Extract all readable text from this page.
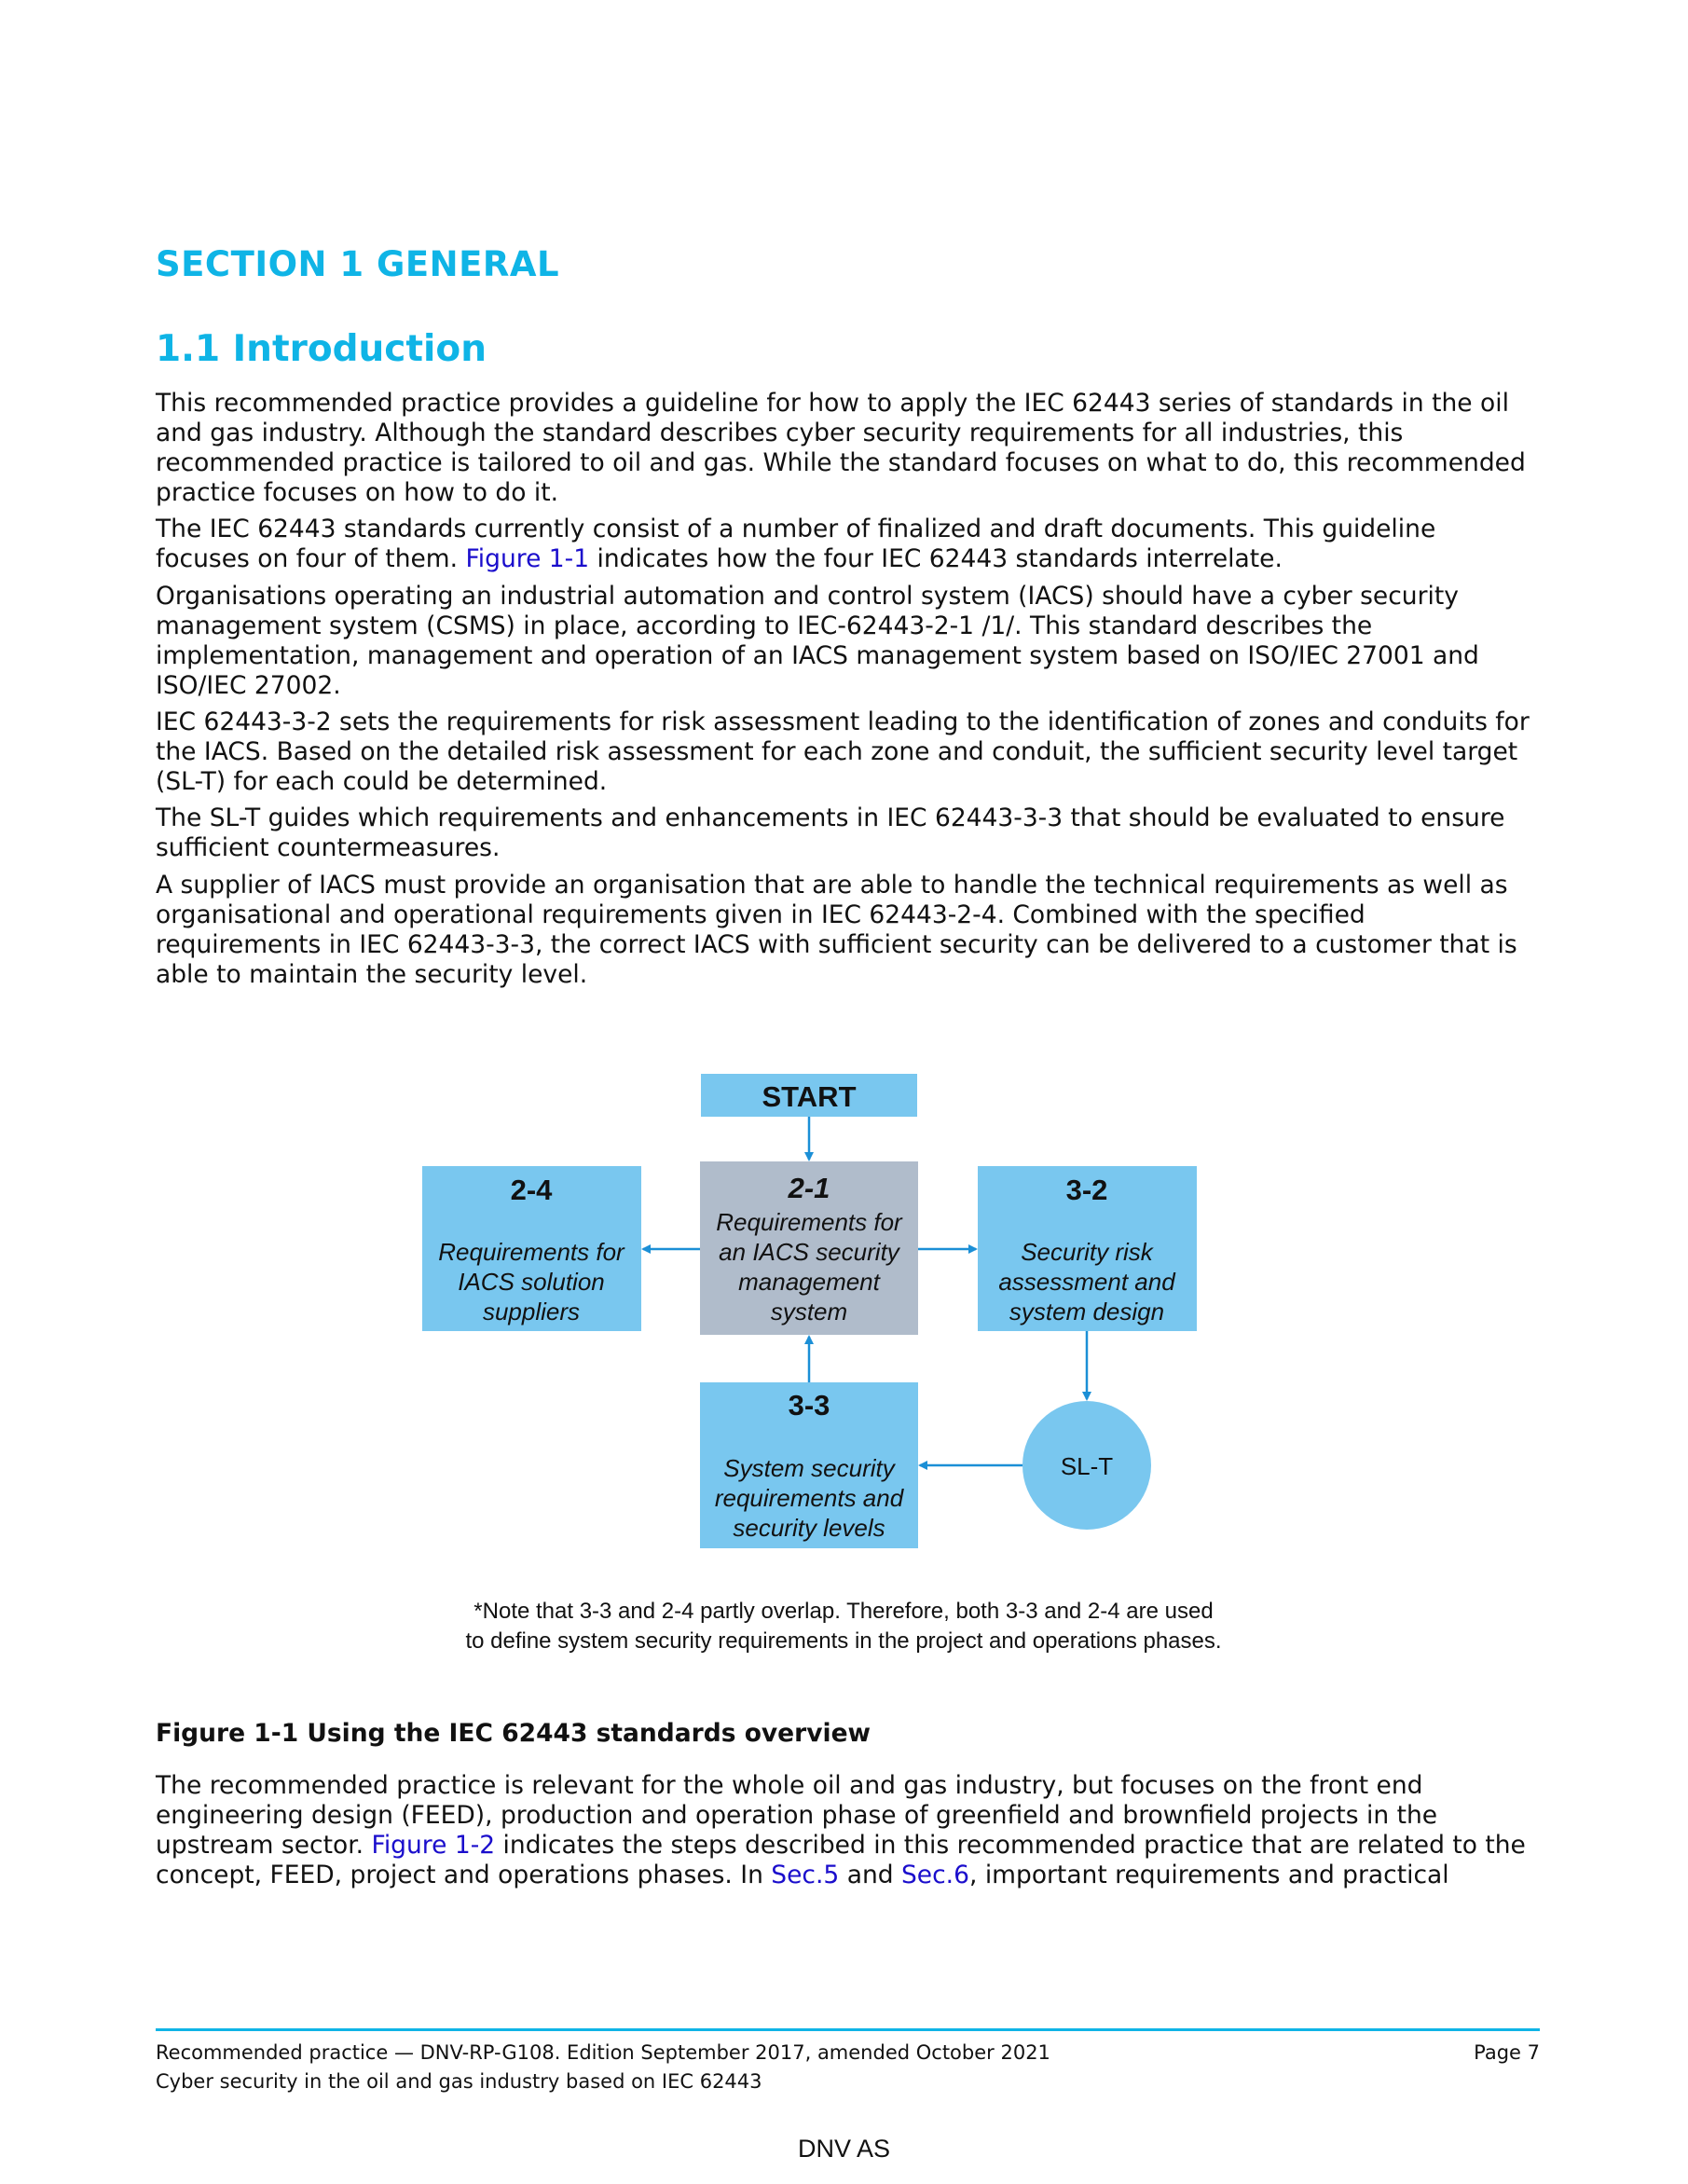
SECTION 1 GENERAL
1.1 Introduction

This recommended practice provides a guideline for how to apply the IEC 62443 series of standards in the oil and gas industry. Although the standard describes cyber security requirements for all industries, this recommended practice is tailored to oil and gas. While the standard focuses on what to do, this recommended practice focuses on how to do it.

The IEC 62443 standards currently consist of a number of finalized and draft documents. This guideline focuses on four of them. Figure 1-1 indicates how the four IEC 62443 standards interrelate.

Organisations operating an industrial automation and control system (IACS) should have a cyber security management system (CSMS) in place, according to IEC-62443-2-1 /1/. This standard describes the implementation, management and operation of an IACS management system based on ISO/IEC 27001 and ISO/IEC 27002.

IEC 62443-3-2 sets the requirements for risk assessment leading to the identification of zones and conduits for the IACS. Based on the detailed risk assessment for each zone and conduit, the sufficient security level target (SL-T) for each could be determined.

The SL-T guides which requirements and enhancements in IEC 62443-3-3 that should be evaluated to ensure sufficient countermeasures.

A supplier of IACS must provide an organisation that are able to handle the technical requirements as well as organisational and operational requirements given in IEC 62443-2-4. Combined with the specified requirements in IEC 62443-3-3, the correct IACS with sufficient security can be delivered to a customer that is able to maintain the security level.

START
2-1
Requirements for
an IACS security
management
system
2-4
Requirements for
IACS solution
suppliers
3-2
Security risk
assessment and
system design
3-3
System security
requirements and
security levels
SL-T
*Note that 3-3 and 2-4 partly overlap. Therefore, both 3-3 and 2-4 are used
to define system security requirements in the project and operations phases.

Figure 1-1 Using the IEC 62443 standards overview

The recommended practice is relevant for the whole oil and gas industry, but focuses on the front end engineering design (FEED), production and operation phase of greenfield and brownfield projects in the upstream sector. Figure 1-2 indicates the steps described in this recommended practice that are related to the concept, FEED, project and operations phases. In Sec.5 and Sec.6, important requirements and practical

Recommended practice — DNV-RP-G108. Edition September 2017, amended October 2021
Cyber security in the oil and gas industry based on IEC 62443
Page 7
DNV AS
